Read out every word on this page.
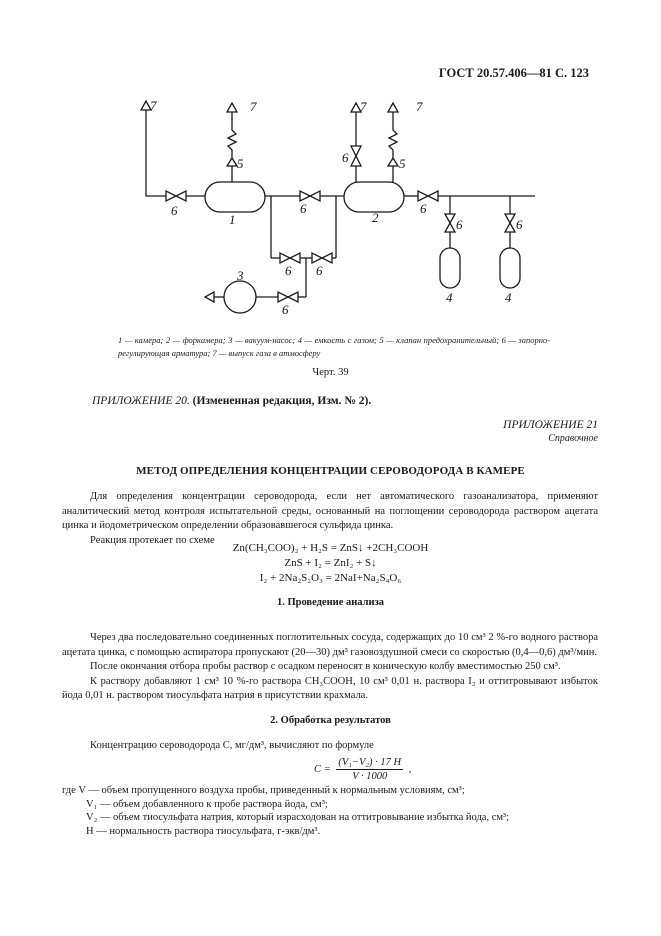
ГОСТ 20.57.406—81 С. 123
7	7	7	7
5	6	5
6
1
6
2
6
6	6
3	6 6
6
4	4
1 — камера; 2 — форкамера; 3 — вакуум-насос; 4 — емкость с газом; 5 — клапан предохранительный; 6 — запорно-регулирующая арматура; 7 — выпуск газа в атмосферу
Черт. 39
ПРИЛОЖЕНИЕ 20. (Измененная редакция, Изм. № 2).
ПРИЛОЖЕНИЕ 21
Справочное
МЕТОД ОПРЕДЕЛЕНИЯ КОНЦЕНТРАЦИИ СЕРОВОДОРОДА В КАМЕРЕ

Для определения концентрации сероводорода, если нет автоматического газоанализатора, применяют аналитический метод контроля испытательной среды, основанный на поглощении сероводорода раствором ацетата цинка и йодометрическом определении образовавшегося сульфида цинка.

Реакция протекает по схеме

Zn(CH₃COO)₂ + H₂S = ZnS↓ +2CH₃COOH
ZnS + I₂ = ZnI₂ + S↓
I₂ + 2Na₂S₂O₃ = 2NaI+Na₂S₄O₆
1. Проведение анализа

Через два последовательно соединенных поглотительных сосуда, содержащих до 10 см³ 2 %-го водного раствора ацетата цинка, с помощью аспиратора пропускают (20—30) дм³ газовоздушной смеси со скоростью (0,4—0,6) дм³/мин.

После окончания отбора пробы раствор с осадком переносят в коническую колбу вместимостью 250 см³.

К раствору добавляют 1 см³ 10 %-го раствора CH₃COOH, 10 см³ 0,01 н. раствора I₂ и оттитровывают избыток йода 0,01 н. раствором тиосульфата натрия в присутствии крахмала.

2. Обработка результатов

Концентрацию сероводорода C, мг/дм³, вычисляют по формуле

$C = \frac{\text{(V₁−V₂) · 17 H}}{V \cdot 1000}$ ,
где V — объем пропущенного воздуха пробы, приведенный к нормальным условиям, см³;
V₁ — объем добавленного к пробе раствора йода, см³;
V₂ — объем тиосульфата натрия, который израсходован на оттитровывание избытка йода, см³;
H — нормальность раствора тиосульфата, г-экв/дм³.
